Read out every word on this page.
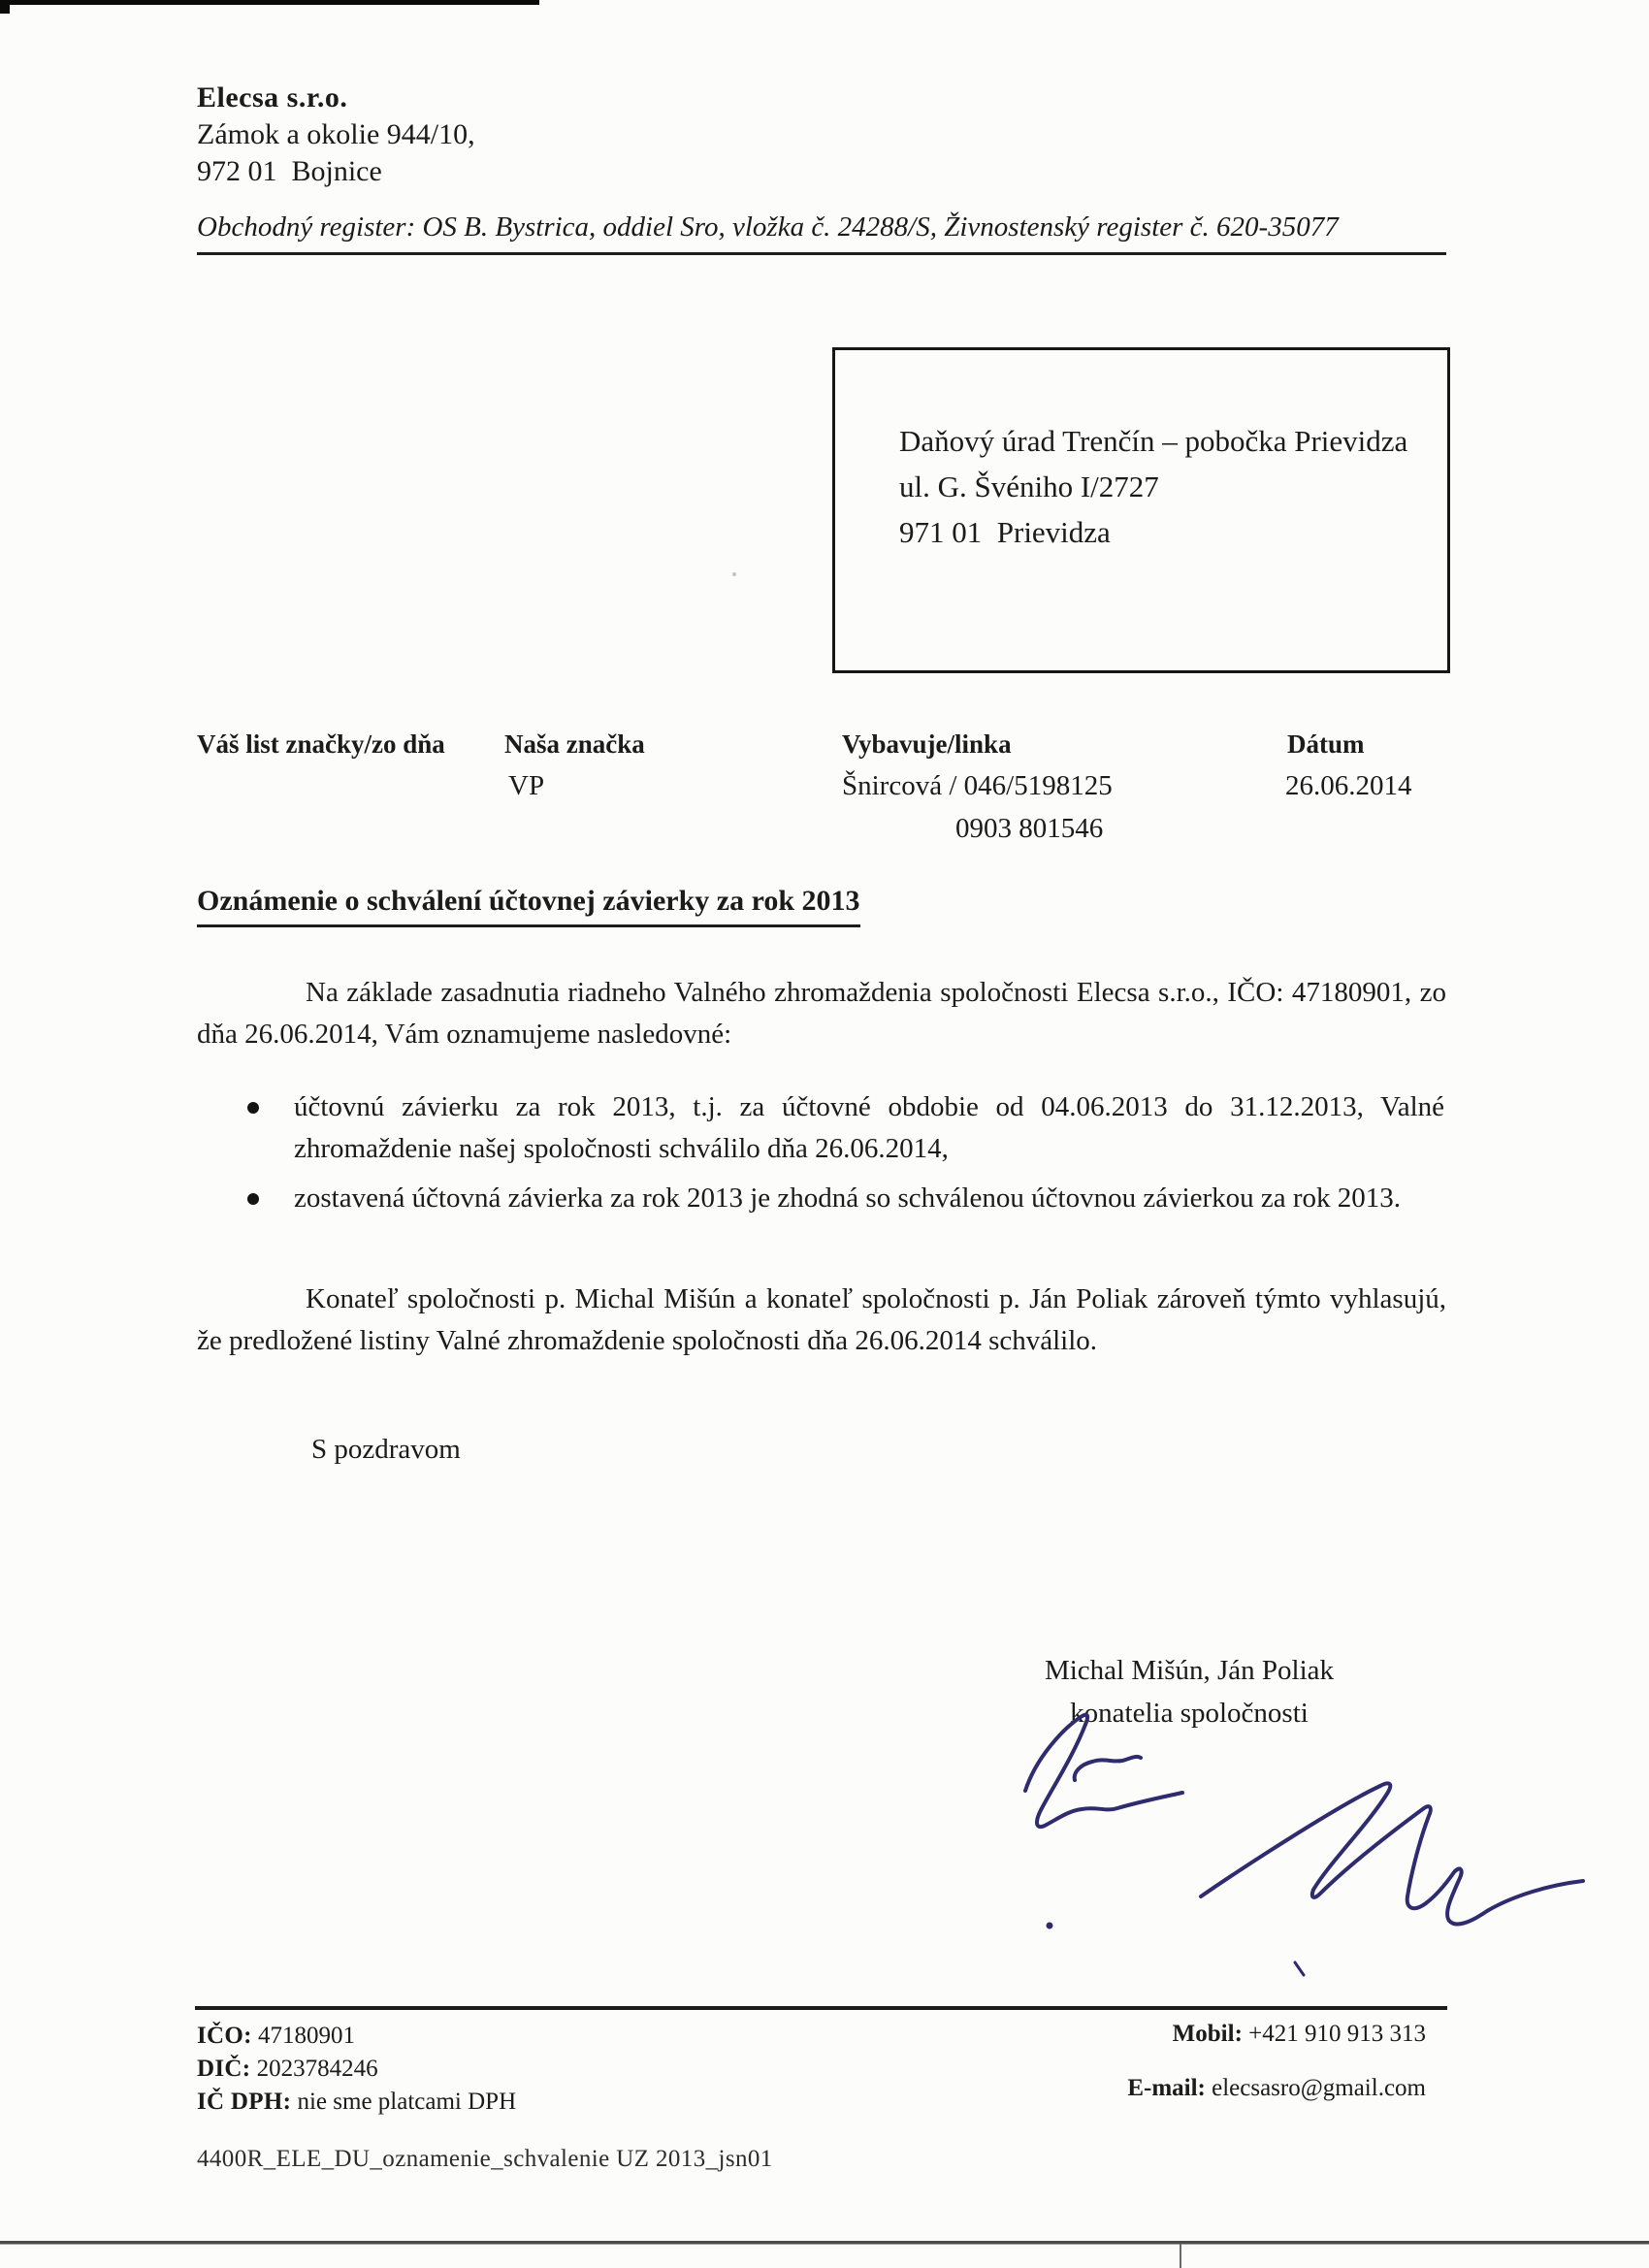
Elecsa s.r.o.
Zámok a okolie 944/10,
972 01  Bojnice
Obchodný register: OS B. Bystrica, oddiel Sro, vložka č. 24288/S, Živnostenský register č. 620-35077
Daňový úrad Trenčín – pobočka Prievidza
ul. G. Švéniho I/2727
971 01  Prievidza
Váš list značky/zo dňa Naša značka
VP
Vybavuje/linka
Šnircová / 046/5198125
0903 801546
Dátum
26.06.2014
Oznámenie o schválení účtovnej závierky za rok 2013
Na základe zasadnutia riadneho Valného zhromaždenia spoločnosti Elecsa s.r.o., IČO: 47180901, zo dňa 26.06.2014, Vám oznamujeme nasledovné:
účtovnú závierku za rok 2013, t.j. za účtovné obdobie od 04.06.2013 do 31.12.2013, Valné zhromaždenie našej spoločnosti schválilo dňa 26.06.2014,
zostavená účtovná závierka za rok 2013 je zhodná so schválenou účtovnou závierkou za rok 2013.
Konateľ spoločnosti p. Michal Mišún a konateľ spoločnosti p. Ján Poliak zároveň týmto vyhlasujú, že predložené listiny Valné zhromaždenie spoločnosti dňa 26.06.2014 schválilo.
S pozdravom
Michal Mišún, Ján Poliak
konatelia spoločnosti
IČO: 47180901
DIČ: 2023784246
IČ DPH: nie sme platcami DPH
Mobil: +421 910 913 313
E-mail: elecsasro@gmail.com
4400R_ELE_DU_oznamenie_schvalenie UZ 2013_jsn01
